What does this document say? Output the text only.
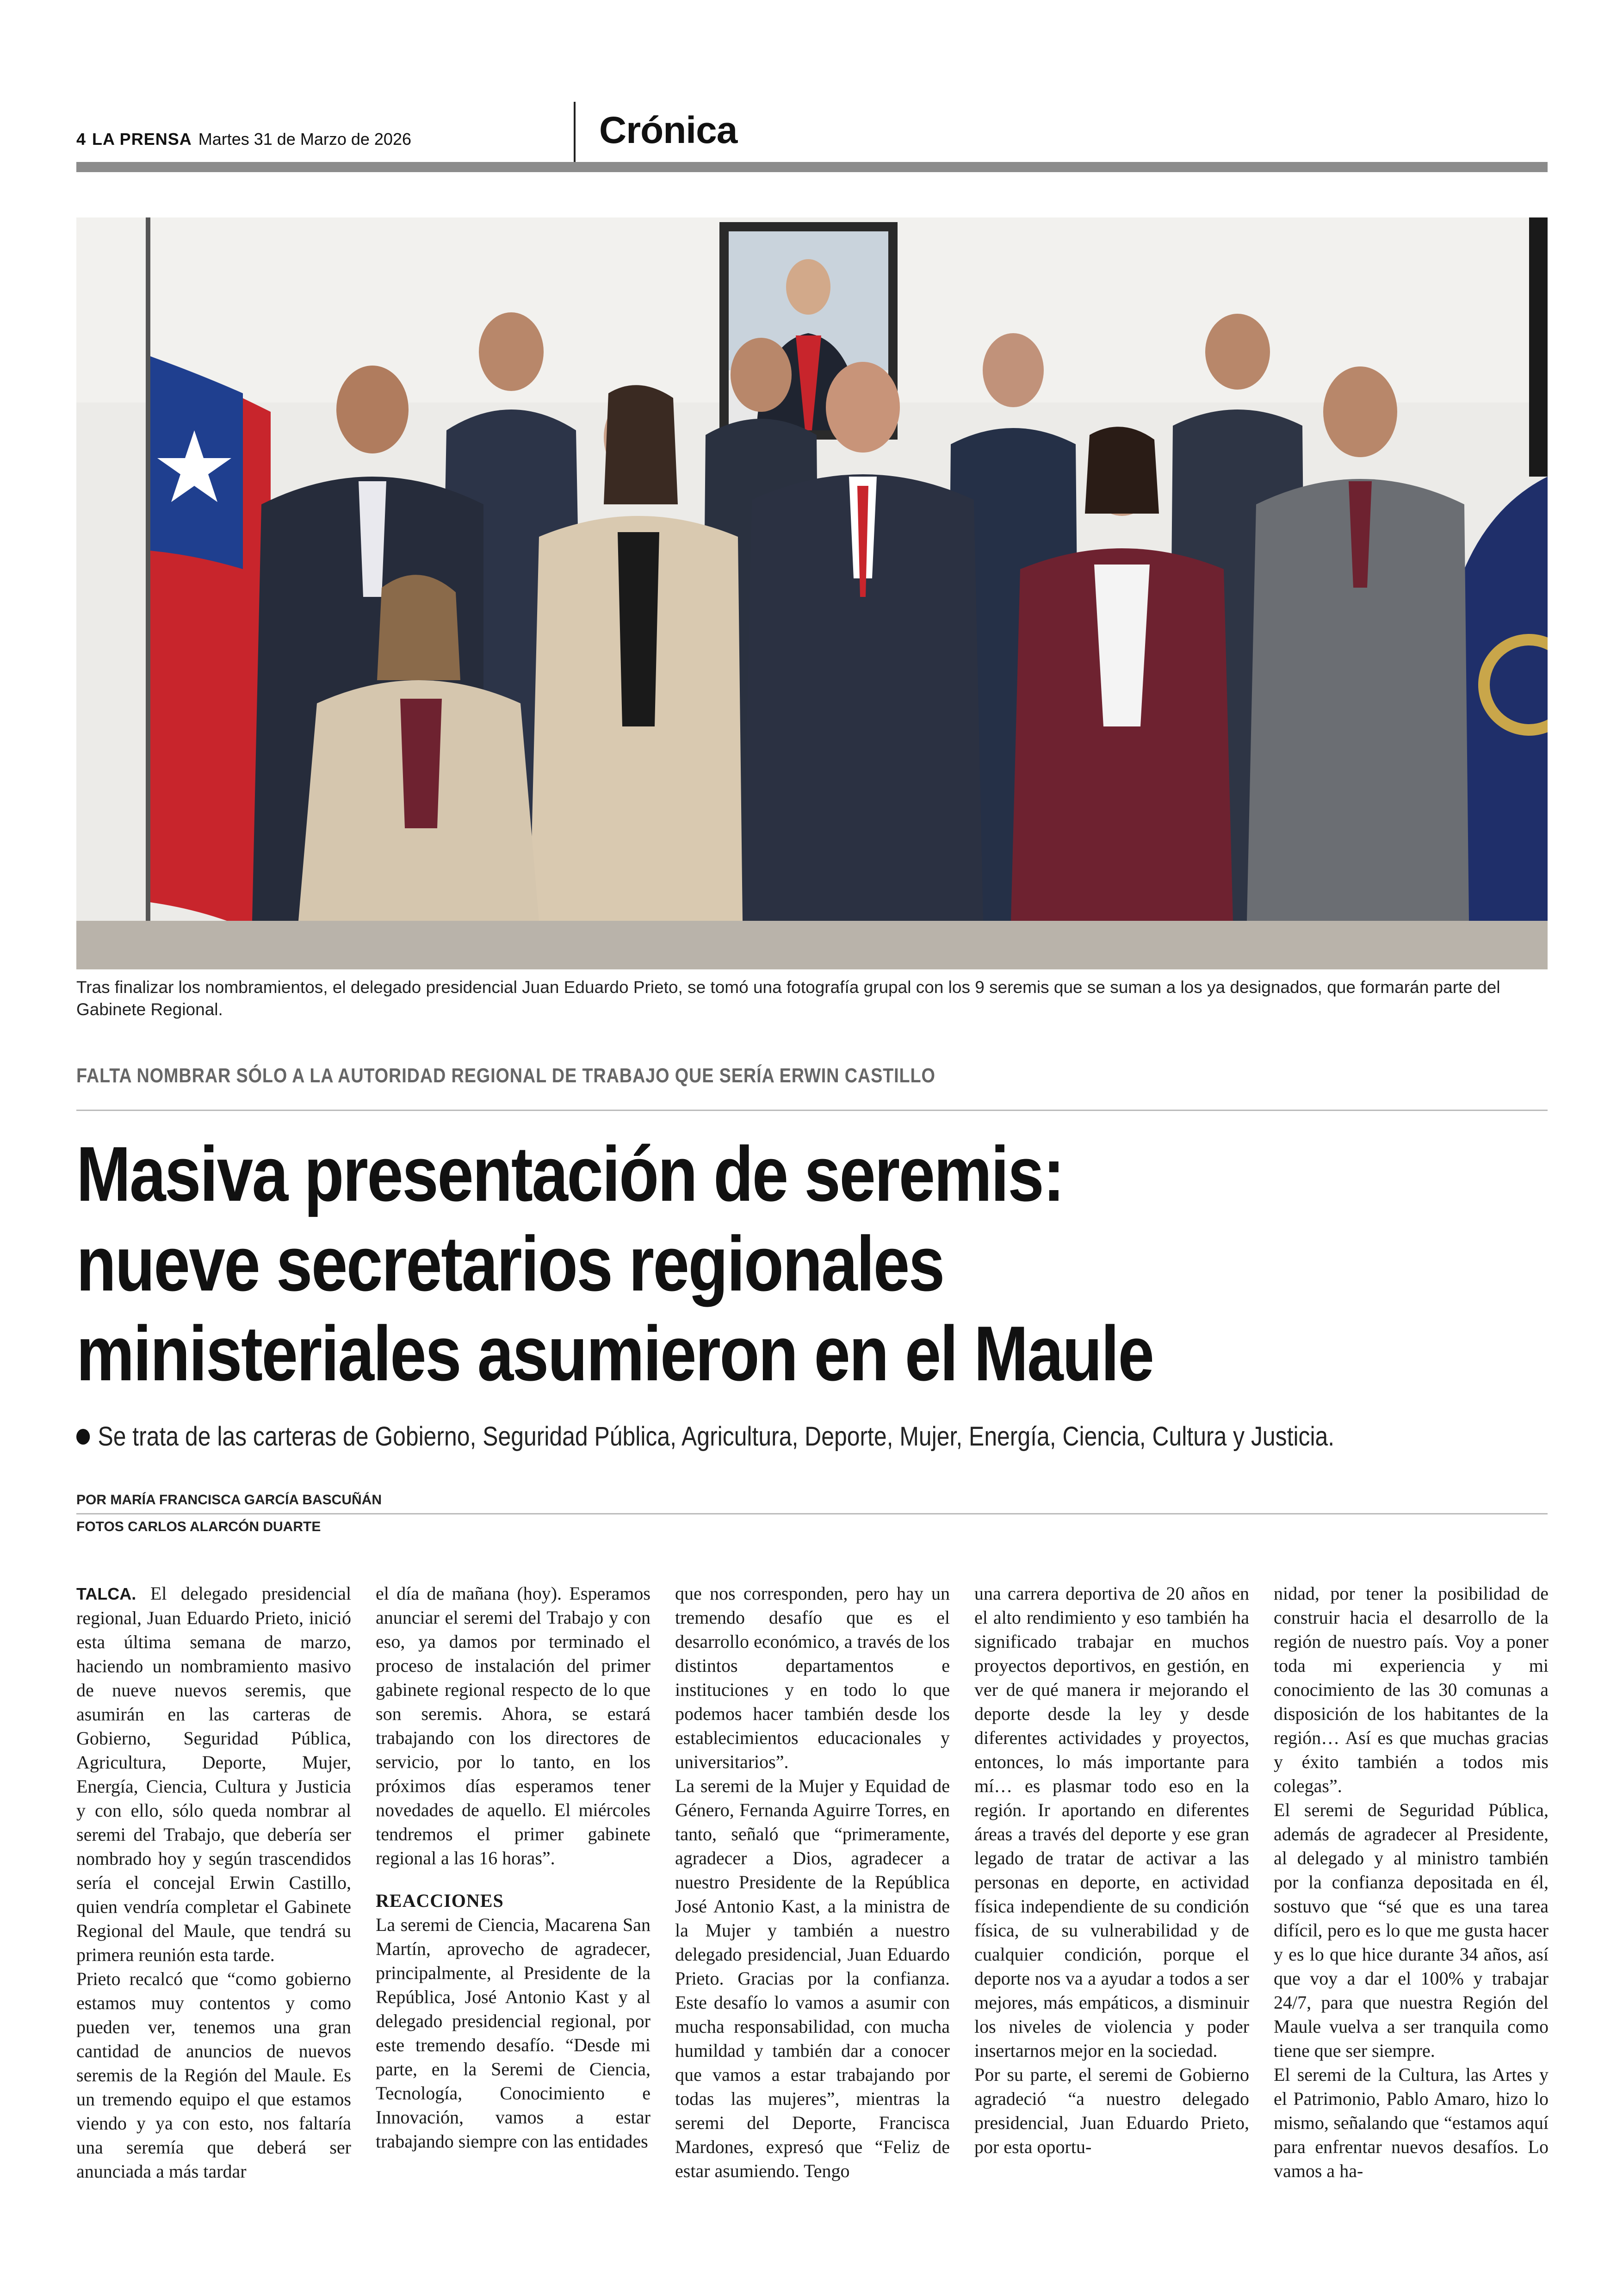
4 LA PRENSA Martes 31 de Marzo de 2026	Crónica
Tras finalizar los nombramientos, el delegado presidencial Juan Eduardo Prieto, se tomó una fotografía grupal con los 9 seremis que se suman a los ya designados, que formarán parte del Gabinete Regional.
FALTA NOMBRAR SÓLO A LA AUTORIDAD REGIONAL DE TRABAJO QUE SERÍA ERWIN CASTILLO
Masiva presentación de seremis:
nueve secretarios regionales
ministeriales asumieron en el Maule
Se trata de las carteras de Gobierno, Seguridad Pública, Agricultura, Deporte, Mujer, Energía, Ciencia, Cultura y Justicia.
POR MARÍA FRANCISCA GARCÍA BASCUÑÁN
FOTOS CARLOS ALARCÓN DUARTE

TALCA. El delegado presidencial regional, Juan Eduardo Prieto, inició esta última semana de marzo, haciendo un nombramiento masivo de nueve nuevos seremis, que asumirán en las carteras de Gobierno, Seguridad Pública, Agricultura, Deporte, Mujer, Energía, Ciencia, Cultura y Justicia y con ello, sólo queda nombrar al seremi del Trabajo, que debería ser nombrado hoy y según trascendidos sería el concejal Erwin Castillo, quien vendría completar el Gabinete Regional del Maule, que tendrá su primera reunión esta tarde.

Prieto recalcó que “como gobierno estamos muy contentos y como pueden ver, tenemos una gran cantidad de anuncios de nuevos seremis de la Región del Maule. Es un tremendo equipo el que estamos viendo y ya con esto, nos faltaría una seremía que deberá ser anunciada a más tardar

el día de mañana (hoy). Esperamos anunciar el seremi del Trabajo y con eso, ya damos por terminado el proceso de instalación del primer gabinete regional respecto de lo que son seremis. Ahora, se estará trabajando con los directores de servicio, por lo tanto, en los próximos días esperamos tener novedades de aquello. El miércoles tendremos el primer gabinete regional a las 16 horas”.

REACCIONES

La seremi de Ciencia, Macarena San Martín, aprovecho de agradecer, principalmente, al Presidente de la República, José Antonio Kast y al delegado presidencial regional, por este tremendo desafío. “Desde mi parte, en la Seremi de Ciencia, Tecnología, Conocimiento e Innovación, vamos a estar trabajando siempre con las entidades

que nos corresponden, pero hay un tremendo desafío que es el desarrollo económico, a través de los distintos departamentos e instituciones y en todo lo que podemos hacer también desde los establecimientos educacionales y universitarios”.

La seremi de la Mujer y Equidad de Género, Fernanda Aguirre Torres, en tanto, señaló que “primeramente, agradecer a Dios, agradecer a nuestro Presidente de la República José Antonio Kast, a la ministra de la Mujer y también a nuestro delegado presidencial, Juan Eduardo Prieto. Gracias por la confianza. Este desafío lo vamos a asumir con mucha responsabilidad, con mucha humildad y también dar a conocer que vamos a estar trabajando por todas las mujeres”, mientras la seremi del Deporte, Francisca Mardones, expresó que “Feliz de estar asumiendo. Tengo

una carrera deportiva de 20 años en el alto rendimiento y eso también ha significado trabajar en muchos proyectos deportivos, en gestión, en ver de qué manera ir mejorando el deporte desde la ley y desde diferentes actividades y proyectos, entonces, lo más importante para mí… es plasmar todo eso en la región. Ir aportando en diferentes áreas a través del deporte y ese gran legado de tratar de activar a las personas en deporte, en actividad física independiente de su condición física, de su vulnerabilidad y de cualquier condición, porque el deporte nos va a ayudar a todos a ser mejores, más empáticos, a disminuir los niveles de violencia y poder insertarnos mejor en la sociedad.

Por su parte, el seremi de Gobierno agradeció “a nuestro delegado presidencial, Juan Eduardo Prieto, por esta oportu-

nidad, por tener la posibilidad de construir hacia el desarrollo de la región de nuestro país. Voy a poner toda mi experiencia y mi conocimiento de las 30 comunas a disposición de los habitantes de la región… Así es que muchas gracias y éxito también a todos mis colegas”.

El seremi de Seguridad Pública, además de agradecer al Presidente, al delegado y al ministro también por la confianza depositada en él, sostuvo que “sé que es una tarea difícil, pero es lo que me gusta hacer y es lo que hice durante 34 años, así que voy a dar el 100% y trabajar 24/7, para que nuestra Región del Maule vuelva a ser tranquila como tiene que ser siempre.

El seremi de la Cultura, las Artes y el Patrimonio, Pablo Amaro, hizo lo mismo, señalando que “estamos aquí para enfrentar nuevos desafíos. Lo vamos a ha-
